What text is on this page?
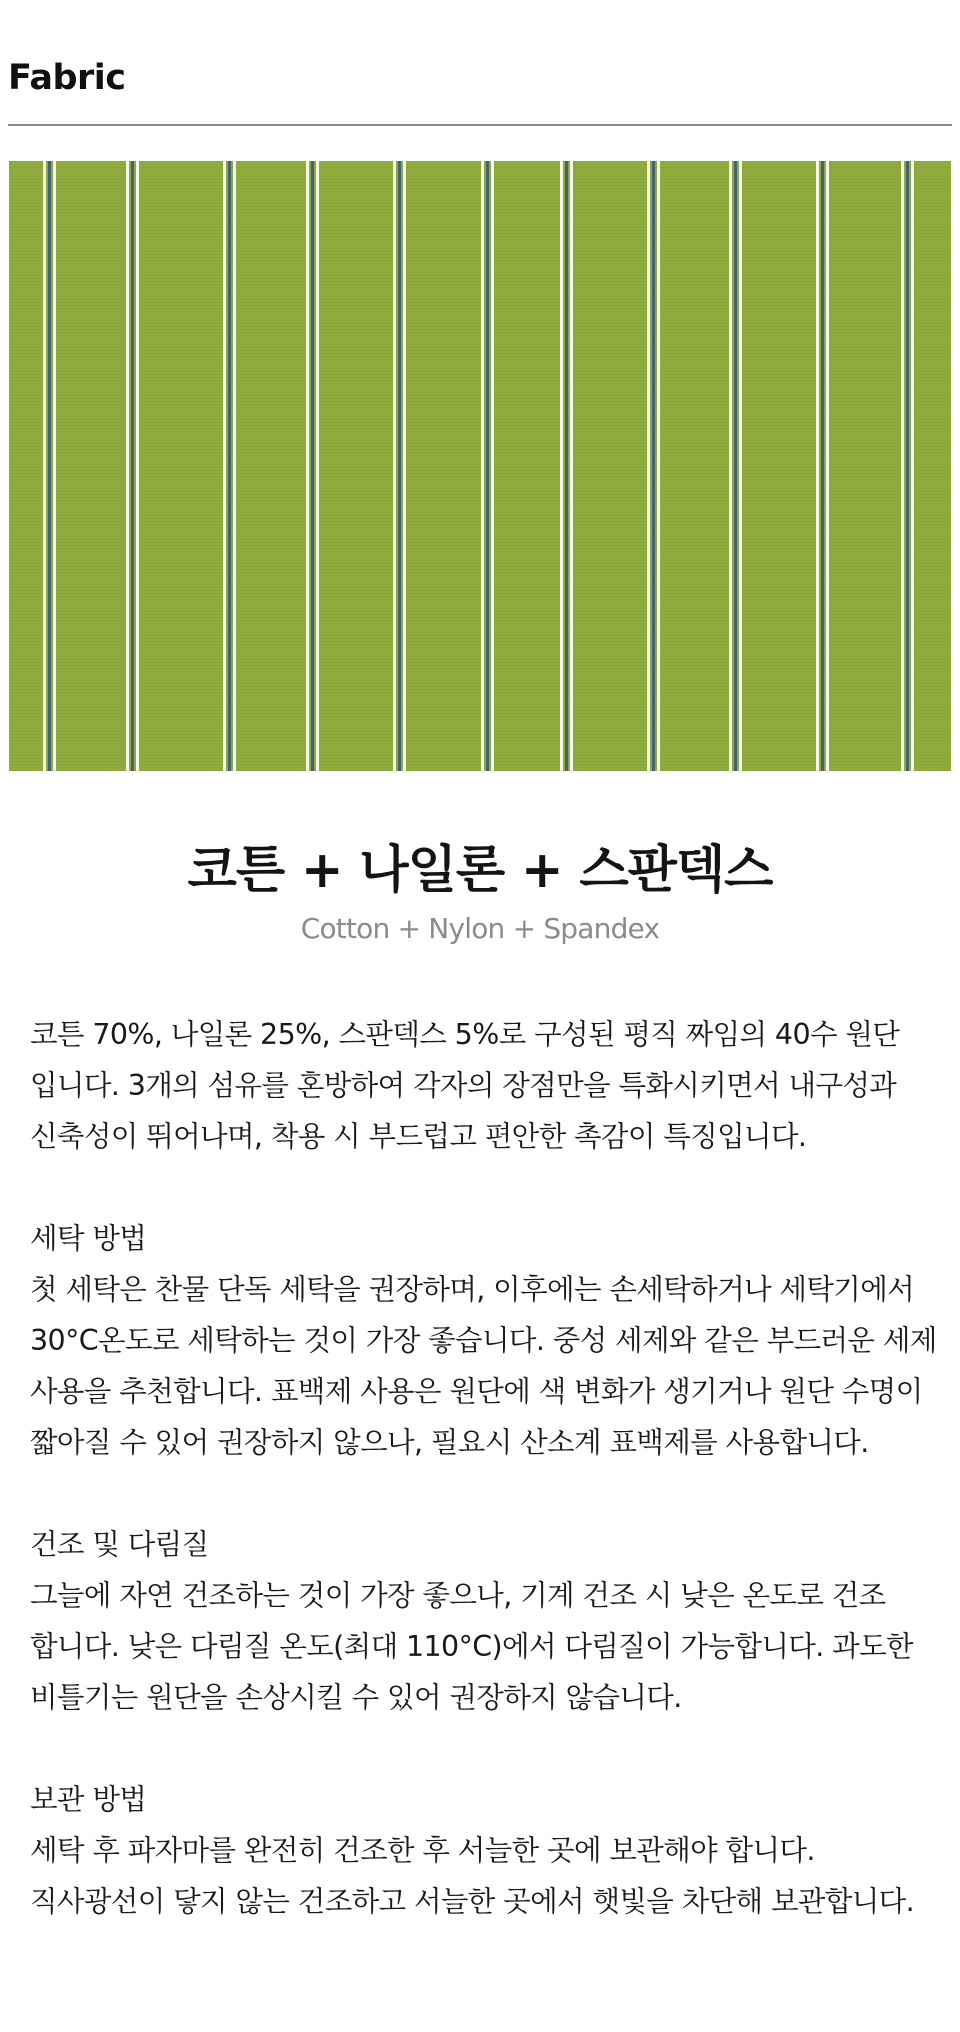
Fabric
코튼 + 나일론 + 스판덱스
Cotton + Nylon + Spandex

코튼 70%, 나일론 25%, 스판덱스 5%로 구성된 평직 짜임의 40수 원단

입니다. 3개의 섬유를 혼방하여 각자의 장점만을 특화시키면서 내구성과

신축성이 뛰어나며, 착용 시 부드럽고 편안한 촉감이 특징입니다.

세탁 방법

첫 세탁은 찬물 단독 세탁을 권장하며, 이후에는 손세탁하거나 세탁기에서

30°C온도로 세탁하는 것이 가장 좋습니다. 중성 세제와 같은 부드러운 세제

사용을 추천합니다. 표백제 사용은 원단에 색 변화가 생기거나 원단 수명이

짧아질 수 있어 권장하지 않으나, 필요시 산소계 표백제를 사용합니다.

건조 및 다림질

그늘에 자연 건조하는 것이 가장 좋으나, 기계 건조 시 낮은 온도로 건조

합니다. 낮은 다림질 온도(최대 110°C)에서 다림질이 가능합니다. 과도한

비틀기는 원단을 손상시킬 수 있어 권장하지 않습니다.

보관 방법

세탁 후 파자마를 완전히 건조한 후 서늘한 곳에 보관해야 합니다.

직사광선이 닿지 않는 건조하고 서늘한 곳에서 햇빛을 차단해 보관합니다.
